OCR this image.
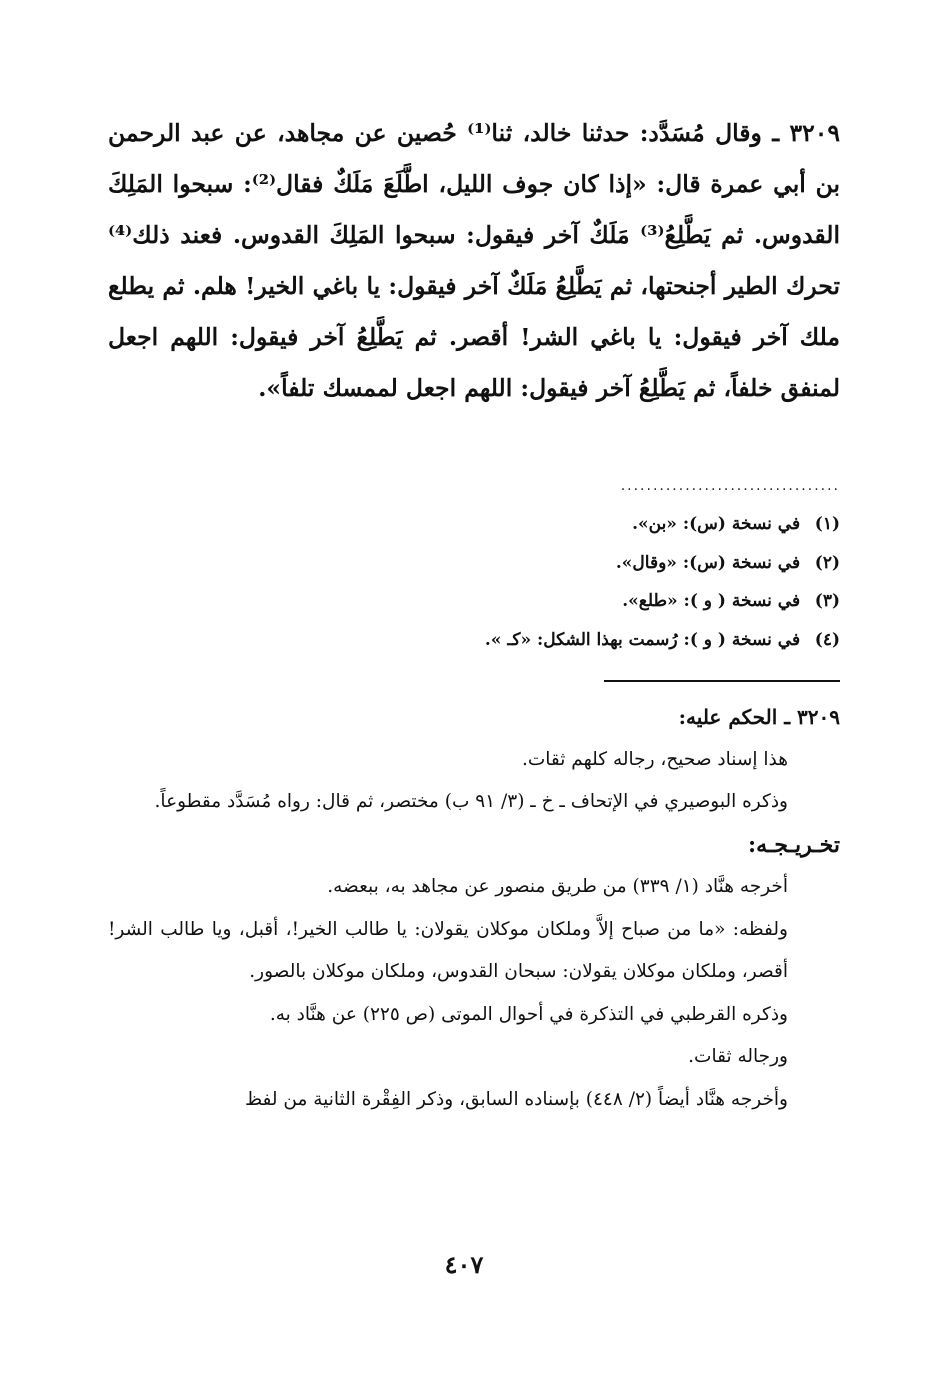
٣٢٠٩ ـ وقال مُسَدَّد: حدثنا خالد، ثنا⁽¹⁾ حُصين عن مجاهد، عن عبد الرحمن بن أبي عمرة قال: «إذا كان جوف الليل، اطَّلَعَ مَلَكٌ فقال⁽²⁾: سبحوا المَلِكَ القدوس. ثم يَطَّلِعُ⁽³⁾ مَلَكٌ آخر فيقول: سبحوا المَلِكَ القدوس. فعند ذلك⁽⁴⁾ تحرك الطير أجنحتها، ثم يَطَّلِعُ مَلَكٌ آخر فيقول: يا باغي الخير! هلم. ثم يطلع ملك آخر فيقول: يا باغي الشر! أقصر. ثم يَطَّلِعُ آخر فيقول: اللهم اجعل لمنفق خلفاً، ثم يَطَّلِعُ آخر فيقول: اللهم اجعل لممسك تلفاً».
..................................
(١) في نسخة (س): «بن».
(٢) في نسخة (س): «وقال».
(٣) في نسخة ( و ): «طلع».
(٤) في نسخة ( و ): رُسمت بهذا الشكل: «كـ ».
٣٢٠٩ ـ الحكم عليه:
هذا إسناد صحيح، رجاله كلهم ثقات.
وذكره البوصيري في الإتحاف ـ خ ـ (٣/ ٩١ ب) مختصر، ثم قال: رواه مُسَدَّد مقطوعاً.
تخـريـجـه:
أخرجه هنَّاد (١/ ٣٣٩) من طريق منصور عن مجاهد به، ببعضه.
ولفظه: «ما من صباح إلاَّ وملكان موكلان يقولان: يا طالب الخير!، أقبل، ويا طالب الشر! أقصر، وملكان موكلان يقولان: سبحان القدوس، وملكان موكلان بالصور.
وذكره القرطبي في التذكرة في أحوال الموتى (ص ٢٢٥) عن هنَّاد به.
ورجاله ثقات.
وأخرجه هنَّاد أيضاً (٢/ ٤٤٨) بإسناده السابق، وذكر الفِقْرة الثانية من لفظ
٤٠٧
